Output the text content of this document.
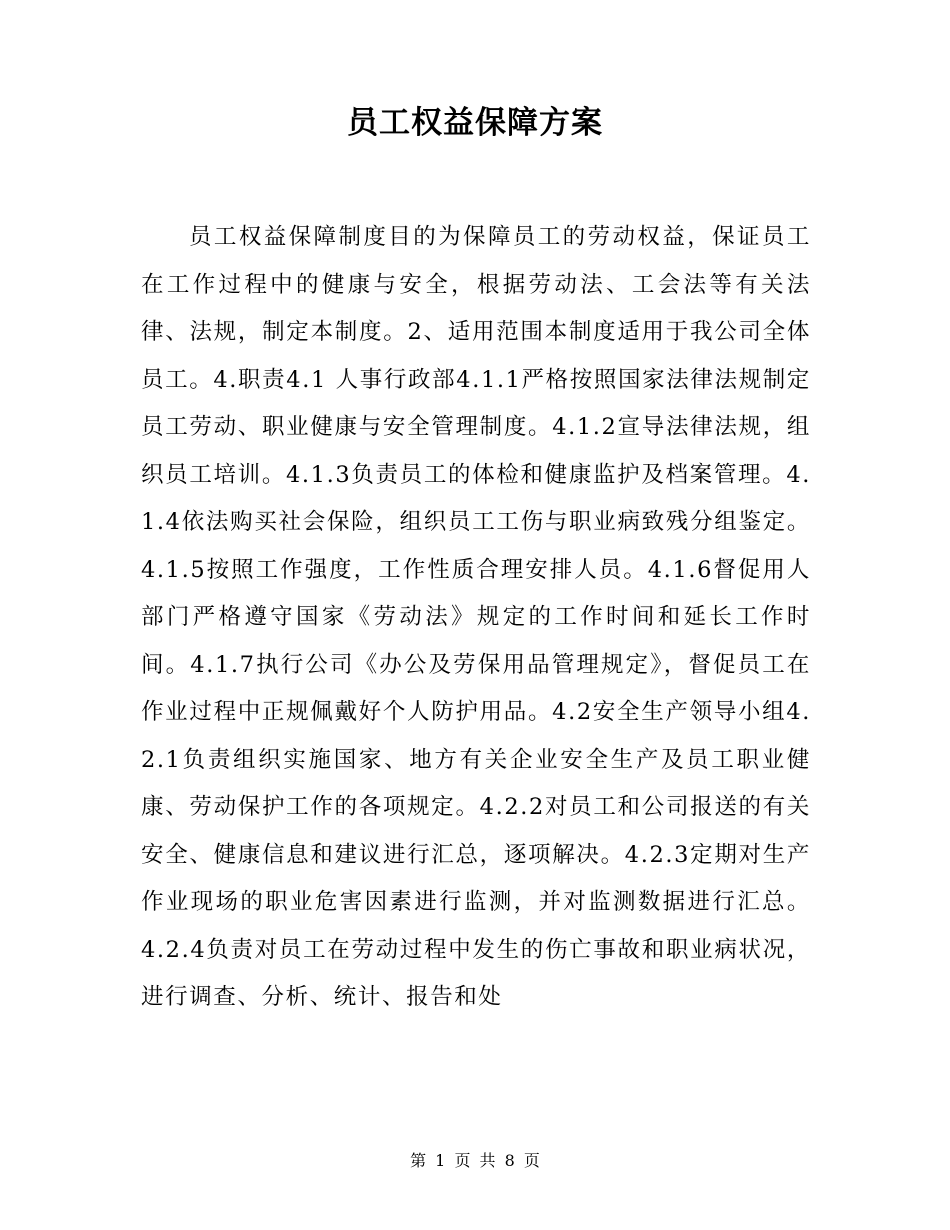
员工权益保障方案

员工权益保障制度目的为保障员工的劳动权益，保证员工在工作过程中的健康与安全，根据劳动法、工会法等有关法律、法规，制定本制度。2、适用范围本制度适用于我公司全体员工。4.职责4.1 人事行政部4.1.1严格按照国家法律法规制定员工劳动、职业健康与安全管理制度。4.1.2宣导法律法规，组织员工培训。4.1.3负责员工的体检和健康监护及档案管理。4.1.4依法购买社会保险，组织员工工伤与职业病致残分组鉴定。4.1.5按照工作强度，工作性质合理安排人员。4.1.6督促用人部门严格遵守国家《劳动法》规定的工作时间和延长工作时间。4.1.7执行公司《办公及劳保用品管理规定》，督促员工在作业过程中正规佩戴好个人防护用品。4.2安全生产领导小组4.2.1负责组织实施国家、地方有关企业安全生产及员工职业健康、劳动保护工作的各项规定。4.2.2对员工和公司报送的有关安全、健康信息和建议进行汇总，逐项解决。4.2.3定期对生产作业现场的职业危害因素进行监测，并对监测数据进行汇总。4.2.4负责对员工在劳动过程中发生的伤亡事故和职业病状况，进行调查、分析、统计、报告和处

第 1 页 共 8 页
